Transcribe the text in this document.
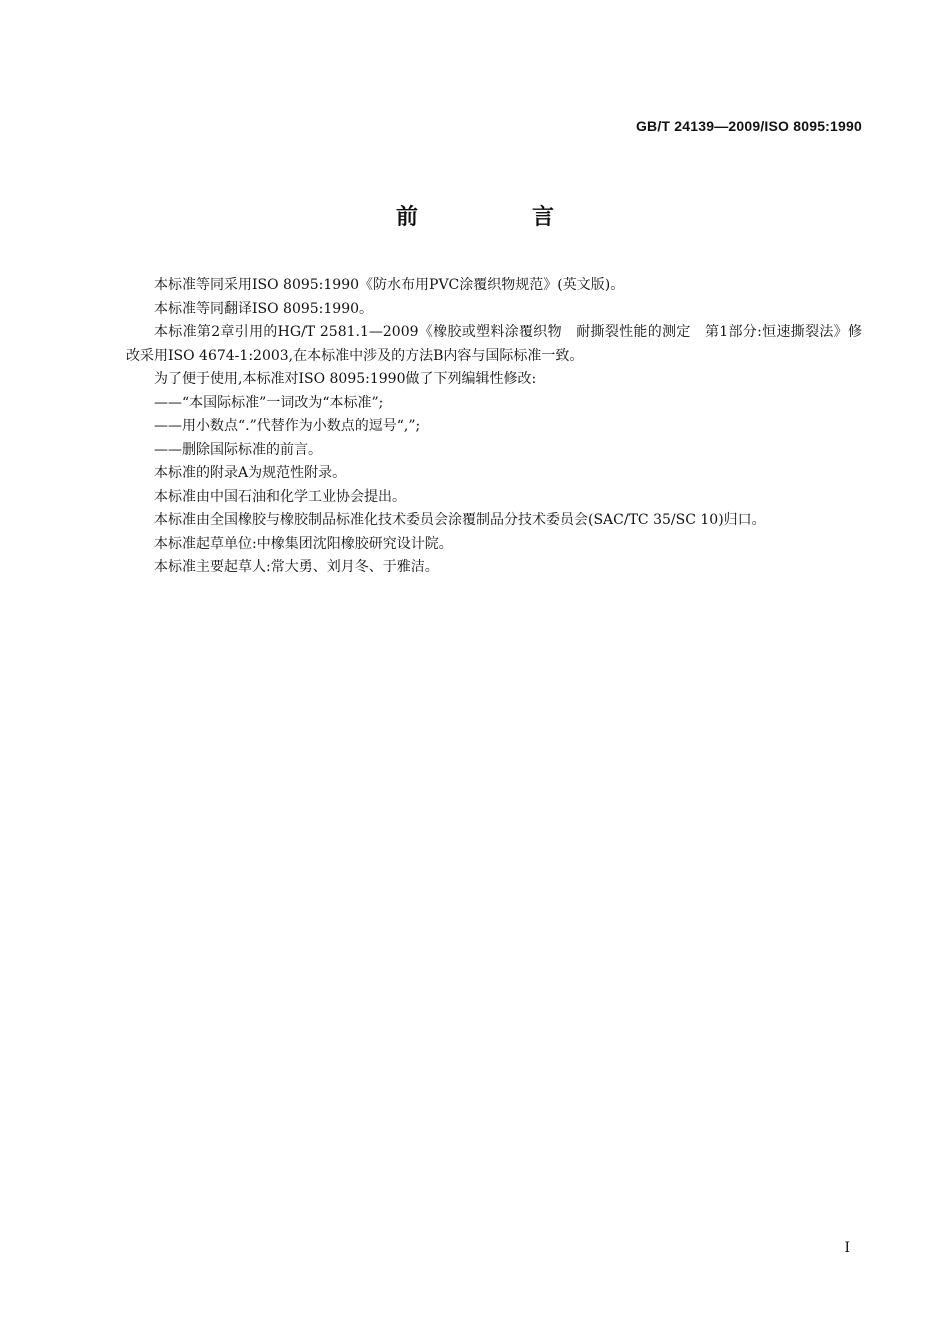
GB/T 24139—2009/ISO 8095:1990
前　言

本标准等同采用ISO 8095:1990《防水布用PVC涂覆织物规范》(英文版)。

本标准等同翻译ISO 8095:1990。

本标准第2章引用的HG/T 2581.1—2009《橡胶或塑料涂覆织物　耐撕裂性能的测定　第1部分:恒速撕裂法》修改采用ISO 4674-1:2003,在本标准中涉及的方法B内容与国际标准一致。

为了便于使用,本标准对ISO 8095:1990做了下列编辑性修改:

——“本国际标准”一词改为“本标准”;

——用小数点“.”代替作为小数点的逗号“,”;

——删除国际标准的前言。

本标准的附录A为规范性附录。

本标准由中国石油和化学工业协会提出。

本标准由全国橡胶与橡胶制品标准化技术委员会涂覆制品分技术委员会(SAC/TC 35/SC 10)归口。

本标准起草单位:中橡集团沈阳橡胶研究设计院。

本标准主要起草人:常大勇、刘月冬、于雅洁。

I
